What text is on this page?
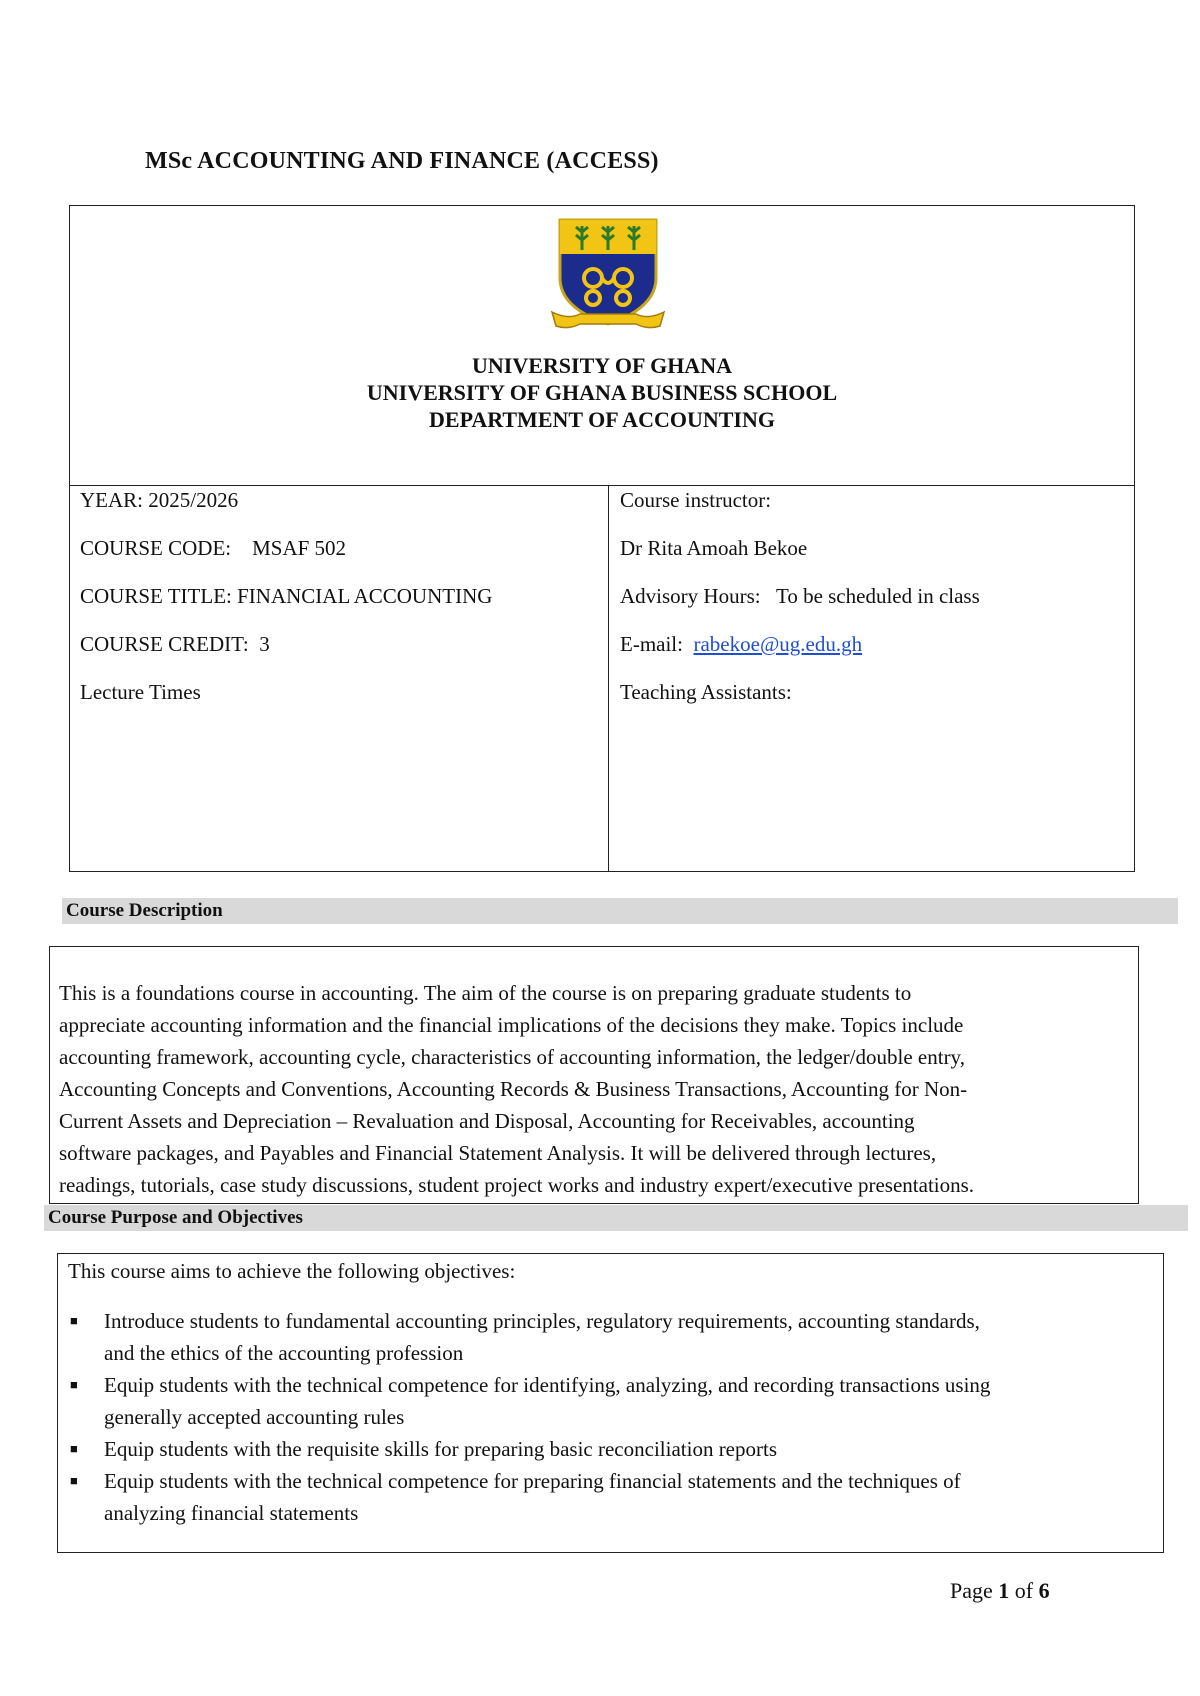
MSc ACCOUNTING AND FINANCE (ACCESS)
UNIVERSITY OF GHANA
UNIVERSITY OF GHANA BUSINESS SCHOOL
DEPARTMENT OF ACCOUNTING
YEAR: 2025/2026
COURSE CODE:    MSAF 502
COURSE TITLE: FINANCIAL ACCOUNTING
COURSE CREDIT:  3
Lecture Times
Course instructor:
Dr Rita Amoah Bekoe
Advisory Hours:   To be scheduled in class
E-mail:  rabekoe@ug.edu.gh
Teaching Assistants:
Course Description
This is a foundations course in accounting. The aim of the course is on preparing graduate students to
appreciate accounting information and the financial implications of the decisions they make. Topics include
accounting framework, accounting cycle, characteristics of accounting information, the ledger/double entry,
Accounting Concepts and Conventions, Accounting Records & Business Transactions, Accounting for Non-
Current Assets and Depreciation – Revaluation and Disposal, Accounting for Receivables, accounting
software packages, and Payables and Financial Statement Analysis. It will be delivered through lectures,
readings, tutorials, case study discussions, student project works and industry expert/executive presentations.
Course Purpose and Objectives
This course aims to achieve the following objectives:
■ Introduce students to fundamental accounting principles, regulatory requirements, accounting standards,
and the ethics of the accounting profession
■ Equip students with the technical competence for identifying, analyzing, and recording transactions using
generally accepted accounting rules
■ Equip students with the requisite skills for preparing basic reconciliation reports
■ Equip students with the technical competence for preparing financial statements and the techniques of
analyzing financial statements
Page 1 of 6
